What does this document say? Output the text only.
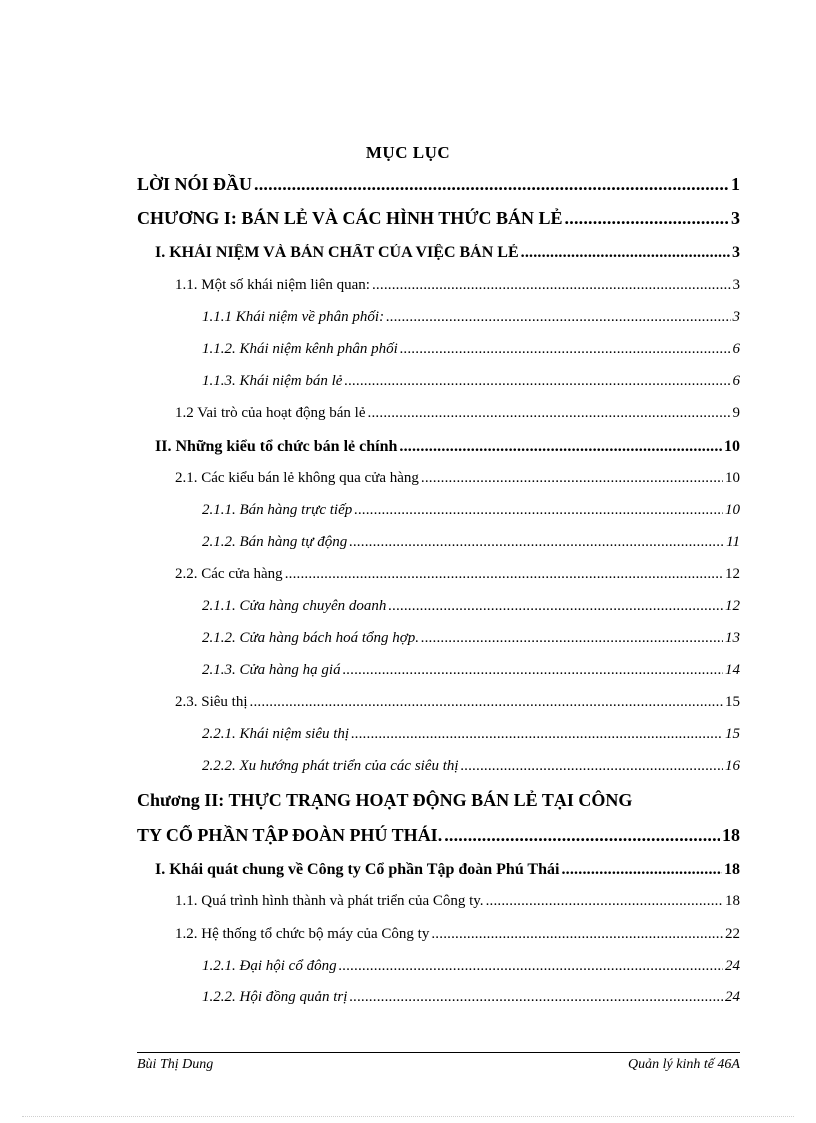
MỤC LỤC
LỜI NÓI ĐẦU .....	1
CHƯƠNG I: BÁN LẺ VÀ CÁC HÌNH THỨC BÁN LẺ .....	3
I. KHÁI NIỆM VÀ BẢN CHẤT CỦA VIỆC BÁN LẺ .....	3
1.1. Một số khái niệm liên quan: .....	3
1.1.1 Khái niệm về phân phối: .....	3
1.1.2. Khái niệm kênh phân phối .....	6
1.1.3. Khái niệm bán lẻ .....	6
1.2 Vai trò của hoạt động bán lẻ .....	9
II. Những kiểu tổ chức bán lẻ chính .....	10
2.1. Các kiểu bán lẻ không qua cửa hàng .....	10
2.1.1. Bán hàng trực tiếp .....	10
2.1.2. Bán hàng tự động .....	11
2.2. Các cửa hàng .....	12
2.1.1. Cửa hàng chuyên doanh .....	12
2.1.2. Cửa hàng bách hoá tổng hợp. .....	13
2.1.3. Cửa hàng hạ giá .....	14
2.3. Siêu thị .....	15
2.2.1. Khái niệm siêu thị .....	15
2.2.2. Xu hướng phát triển của các siêu thị .....	16
Chương II: THỰC TRẠNG HOẠT ĐỘNG BÁN LẺ TẠI CÔNG
TY CỔ PHẦN TẬP ĐOÀN PHÚ THÁI. .....	18
I. Khái quát chung về Công ty Cổ phần Tập đoàn Phú Thái .....	18
1.1. Quá trình hình thành và phát triển của Công ty. .....	18
1.2. Hệ thống tổ chức bộ máy của Công ty .....	22
1.2.1. Đại hội cổ đông .....	24
1.2.2. Hội đồng quản trị .....	24
Bùi Thị Dung	Quản lý kinh tế 46A
